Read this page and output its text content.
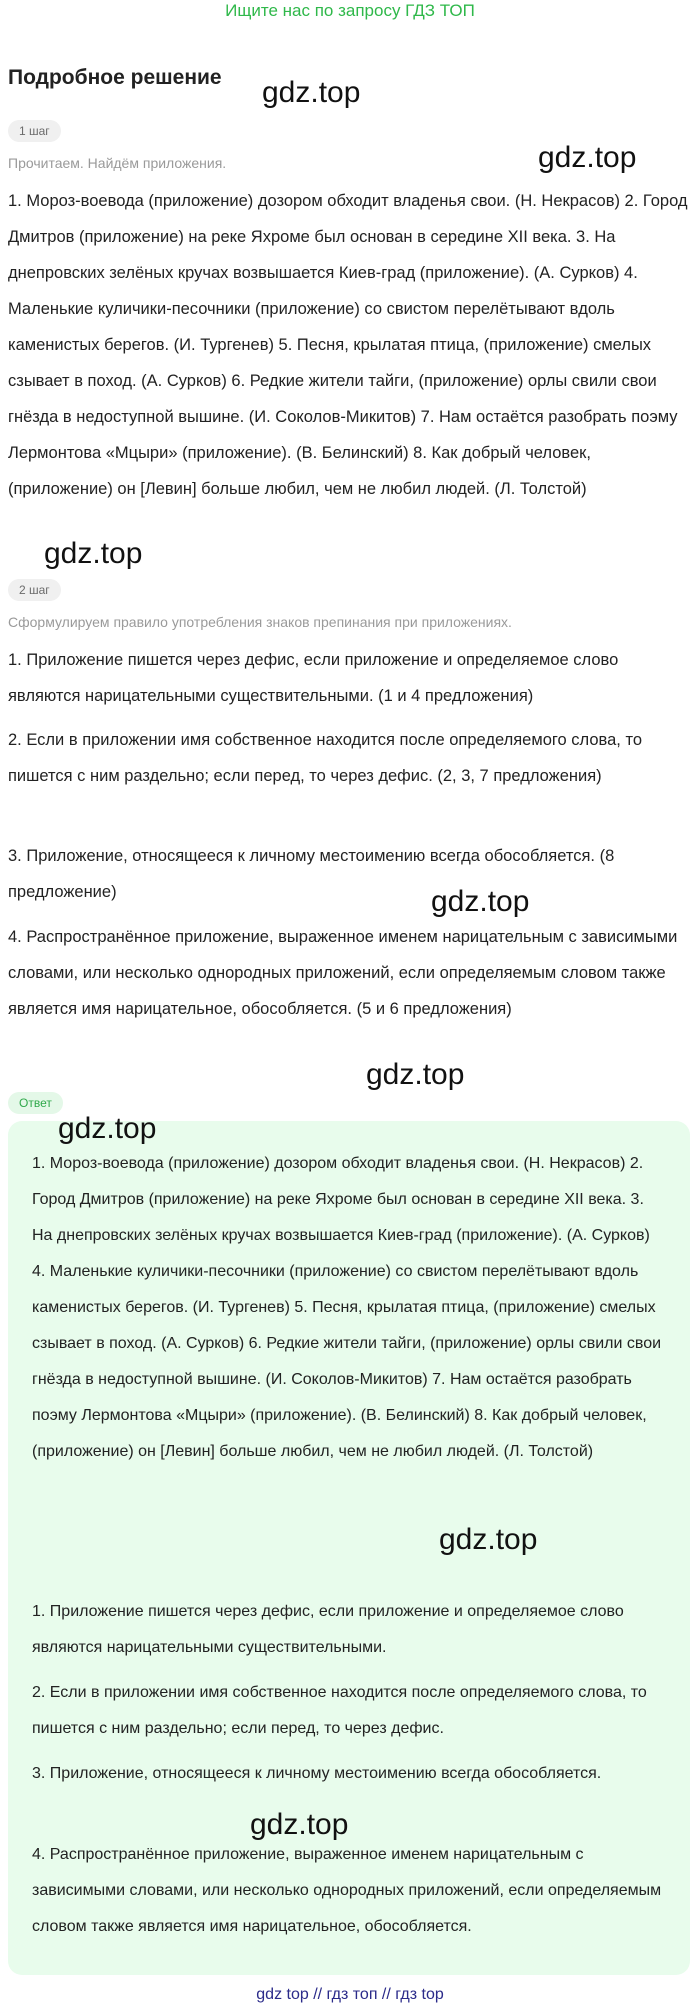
Ищите нас по запросу ГДЗ ТОП
Подробное решение
1 шаг
Прочитаем. Найдём приложения.
1. Мороз-воевода (приложение) дозором обходит владенья свои. (Н. Некрасов) 2. Город Дмитров (приложение) на реке Яхроме был основан в середине XII века. 3. На днепровских зелёных кручах возвышается Киев-град (приложение). (А. Сурков) 4. Маленькие куличики-песочники (приложение) со свистом перелётывают вдоль каменистых берегов. (И. Тургенев) 5. Песня, крылатая птица, (приложение) смелых сзывает в поход. (А. Сурков) 6. Редкие жители тайги, (приложение) орлы свили свои гнёзда в недоступной вышине. (И. Соколов-Микитов) 7. Нам остаётся разобрать поэму Лермонтова «Мцыри» (приложение). (В. Белинский) 8. Как добрый человек, (приложение) он [Левин] больше любил, чем не любил людей. (Л. Толстой)
2 шаг
Сформулируем правило употребления знаков препинания при приложениях.
1. Приложение пишется через дефис, если приложение и определяемое слово являются нарицательными существительными. (1 и 4 предложения)
2. Если в приложении имя собственное находится после определяемого слова, то пишется с ним раздельно; если перед, то через дефис. (2, 3, 7 предложения)
3. Приложение, относящееся к личному местоимению всегда обособляется. (8 предложение)
4. Распространённое приложение, выраженное именем нарицательным с зависимыми словами, или несколько однородных приложений, если определяемым словом также является имя нарицательное, обособляется. (5 и 6 предложения)
Ответ
1. Мороз-воевода (приложение) дозором обходит владенья свои. (Н. Некрасов) 2. Город Дмитров (приложение) на реке Яхроме был основан в середине XII века. 3. На днепровских зелёных кручах возвышается Киев-град (приложение). (А. Сурков) 4. Маленькие куличики-песочники (приложение) со свистом перелётывают вдоль каменистых берегов. (И. Тургенев) 5. Песня, крылатая птица, (приложение) смелых сзывает в поход. (А. Сурков) 6. Редкие жители тайги, (приложение) орлы свили свои гнёзда в недоступной вышине. (И. Соколов-Микитов) 7. Нам остаётся разобрать поэму Лермонтова «Мцыри» (приложение). (В. Белинский) 8. Как добрый человек, (приложение) он [Левин] больше любил, чем не любил людей. (Л. Толстой)
1. Приложение пишется через дефис, если приложение и определяемое слово являются нарицательными существительными.
2. Если в приложении имя собственное находится после определяемого слова, то пишется с ним раздельно; если перед, то через дефис.
3. Приложение, относящееся к личному местоимению всегда обособляется.
4. Распространённое приложение, выраженное именем нарицательным с зависимыми словами, или несколько однородных приложений, если определяемым словом также является имя нарицательное, обособляется.
gdz.top
gdz.top
gdz.top
gdz.top
gdz.top
gdz.top
gdz.top
gdz.top
gdz top // гдз топ // гдз top
